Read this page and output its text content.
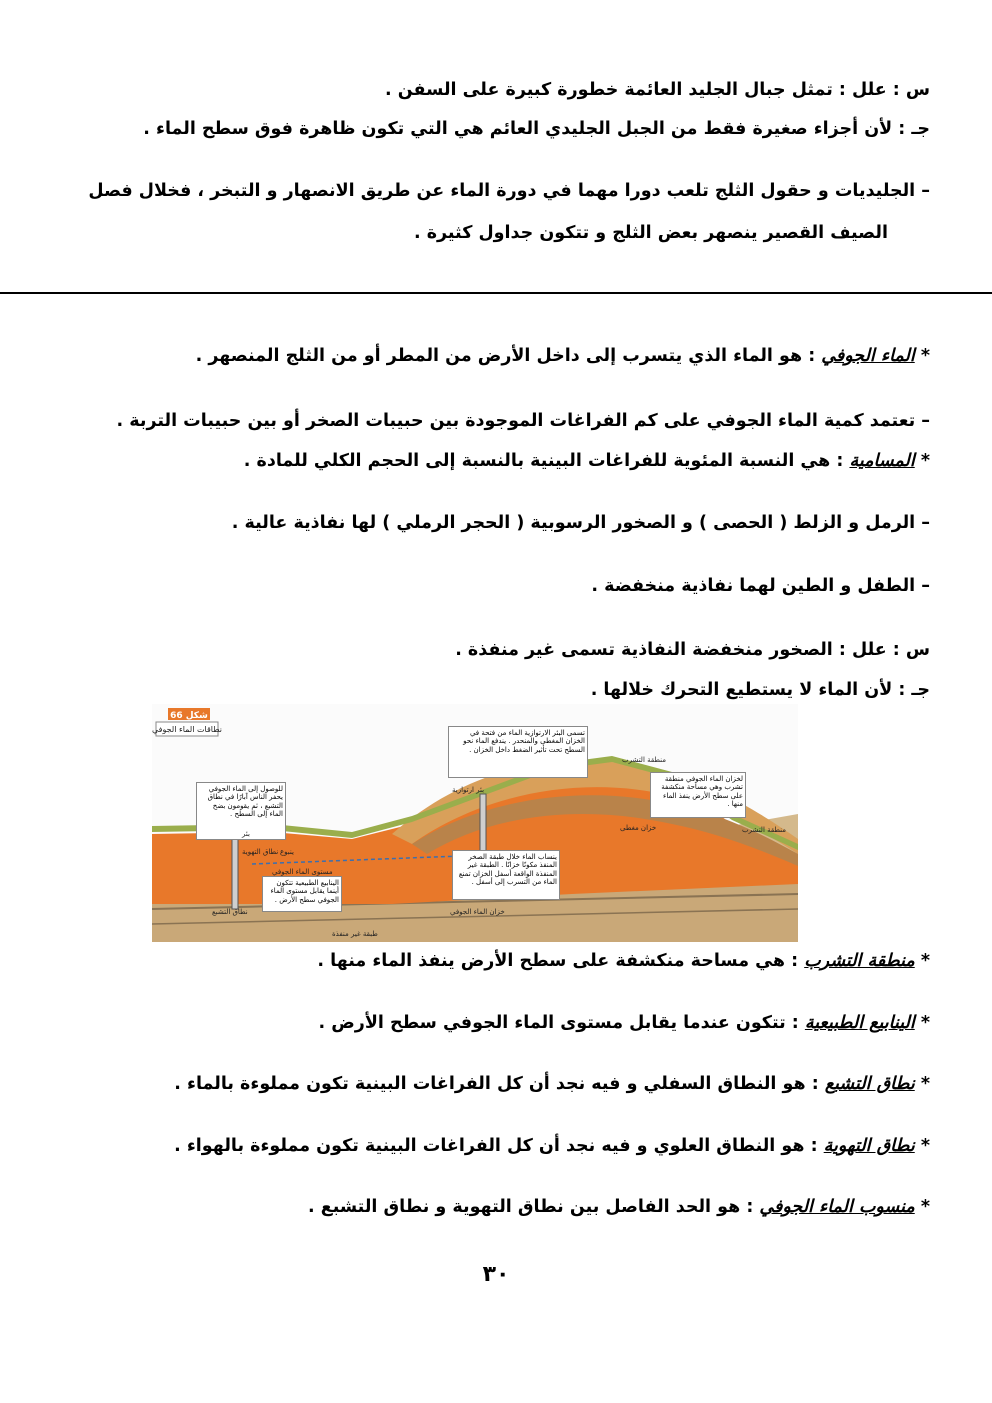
س : علل : تمثل جبال الجليد العائمة خطورة كبيرة على السفن .
جـ : لأن أجزاء صغيرة فقط من الجبل الجليدي العائم هي التي تكون ظاهرة فوق سطح الماء .
– الجليديات و حقول الثلج تلعب دورا مهما في دورة الماء عن طريق الانصهار و التبخر ، فخلال فصل
الصيف القصير ينصهر بعض الثلج و تتكون جداول كثيرة .
* الماء الجوفي : هو الماء الذي يتسرب إلى داخل الأرض من المطر أو من الثلج المنصهر .
– تعتمد كمية الماء الجوفي على كم الفراغات الموجودة بين حبيبات الصخر أو بين حبيبات التربة .
* المسامية : هي النسبة المئوية للفراغات البينية بالنسبة إلى الحجم الكلي للمادة .
– الرمل و الزلط ( الحصى ) و الصخور الرسوبية ( الحجر الرملي ) لها نفاذية عالية .
– الطفل و الطين لهما نفاذية منخفضة .
س : علل : الصخور منخفضة النفاذية تسمى غير منفذة .
جـ : لأن الماء لا يستطيع التحرك خلالها .
شكل 66
نطاقات الماء الجوفي	تسمى البئر الارتوازية الماء من فتحة في الخزان المغطى والمنحدر . يندفع الماء نحو السطح تحت تأثير الضغط داخل الخزان .
للوصول إلى الماء الجوفي يحفر الناس آبارًا في نطاق التشبع ، ثم يقومون بضخ الماء إلى السطح .
لخزان الماء الجوفي منطقة تشرب وهي مساحة منكشفة على سطح الأرض ينفذ الماء منها .
ينساب الماء خلال طبقة الصخر المنفذ مكونًا خزانًا . الطبقة غير المنفذة الواقعة أسفل الخزان تمنع الماء من التسرب إلى أسفل .
الينابيع الطبيعية تتكون أينما يقابل مستوى الماء الجوفي سطح الأرض .
منطقة التشرب
منطقة التشرب
بئر ارتوازية
خزان مغطى
خزان الماء الجوفي
طبقة غير منفذة
نطاق التهوية
نطاق التشبع
بئر
ينبوع
مستوى الماء الجوفي
* منطقة التشرب : هي مساحة منكشفة على سطح الأرض ينفذ الماء منها .
* الينابيع الطبيعية : تتكون عندما يقابل مستوى الماء الجوفي سطح الأرض .
* نطاق التشبع : هو النطاق السفلي و فيه نجد أن كل الفراغات البينية تكون مملوءة بالماء .
* نطاق التهوية : هو النطاق العلوي و فيه نجد أن كل الفراغات البينية تكون مملوءة بالهواء .
* منسوب الماء الجوفي : هو الحد الفاصل بين نطاق التهوية و نطاق التشبع .
٣٠
